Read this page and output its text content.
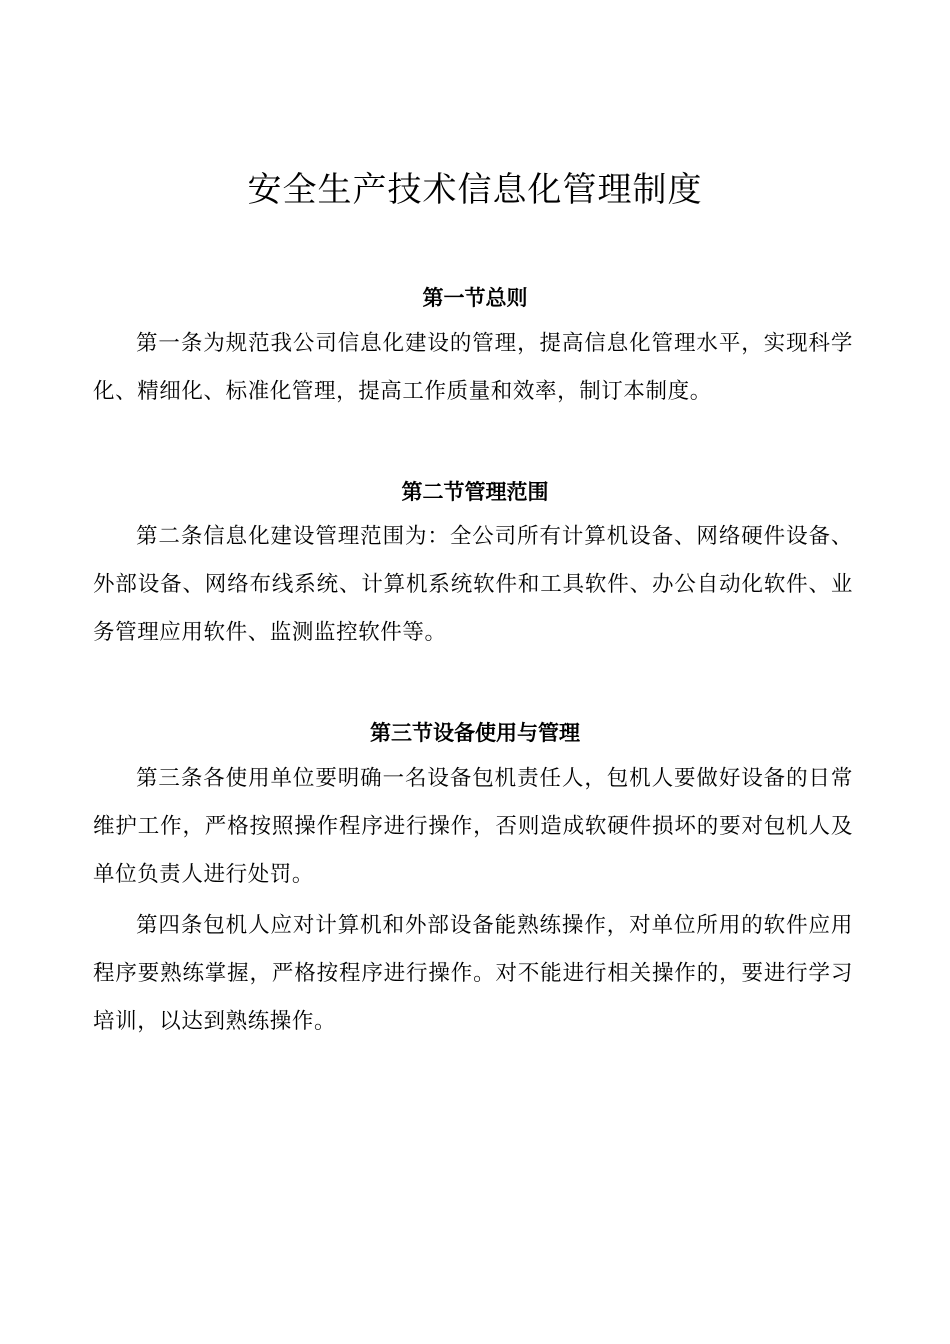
安全生产技术信息化管理制度
第一节总则

第一条为规范我公司信息化建设的管理，提高信息化管理水平，实现科学化、精细化、标准化管理，提高工作质量和效率，制订本制度。

第二节管理范围

第二条信息化建设管理范围为：全公司所有计算机设备、网络硬件设备、外部设备、网络布线系统、计算机系统软件和工具软件、办公自动化软件、业务管理应用软件、监测监控软件等。

第三节设备使用与管理

第三条各使用单位要明确一名设备包机责任人，包机人要做好设备的日常维护工作，严格按照操作程序进行操作，否则造成软硬件损坏的要对包机人及单位负责人进行处罚。

第四条包机人应对计算机和外部设备能熟练操作，对单位所用的软件应用程序要熟练掌握，严格按程序进行操作。对不能进行相关操作的，要进行学习培训，以达到熟练操作。
